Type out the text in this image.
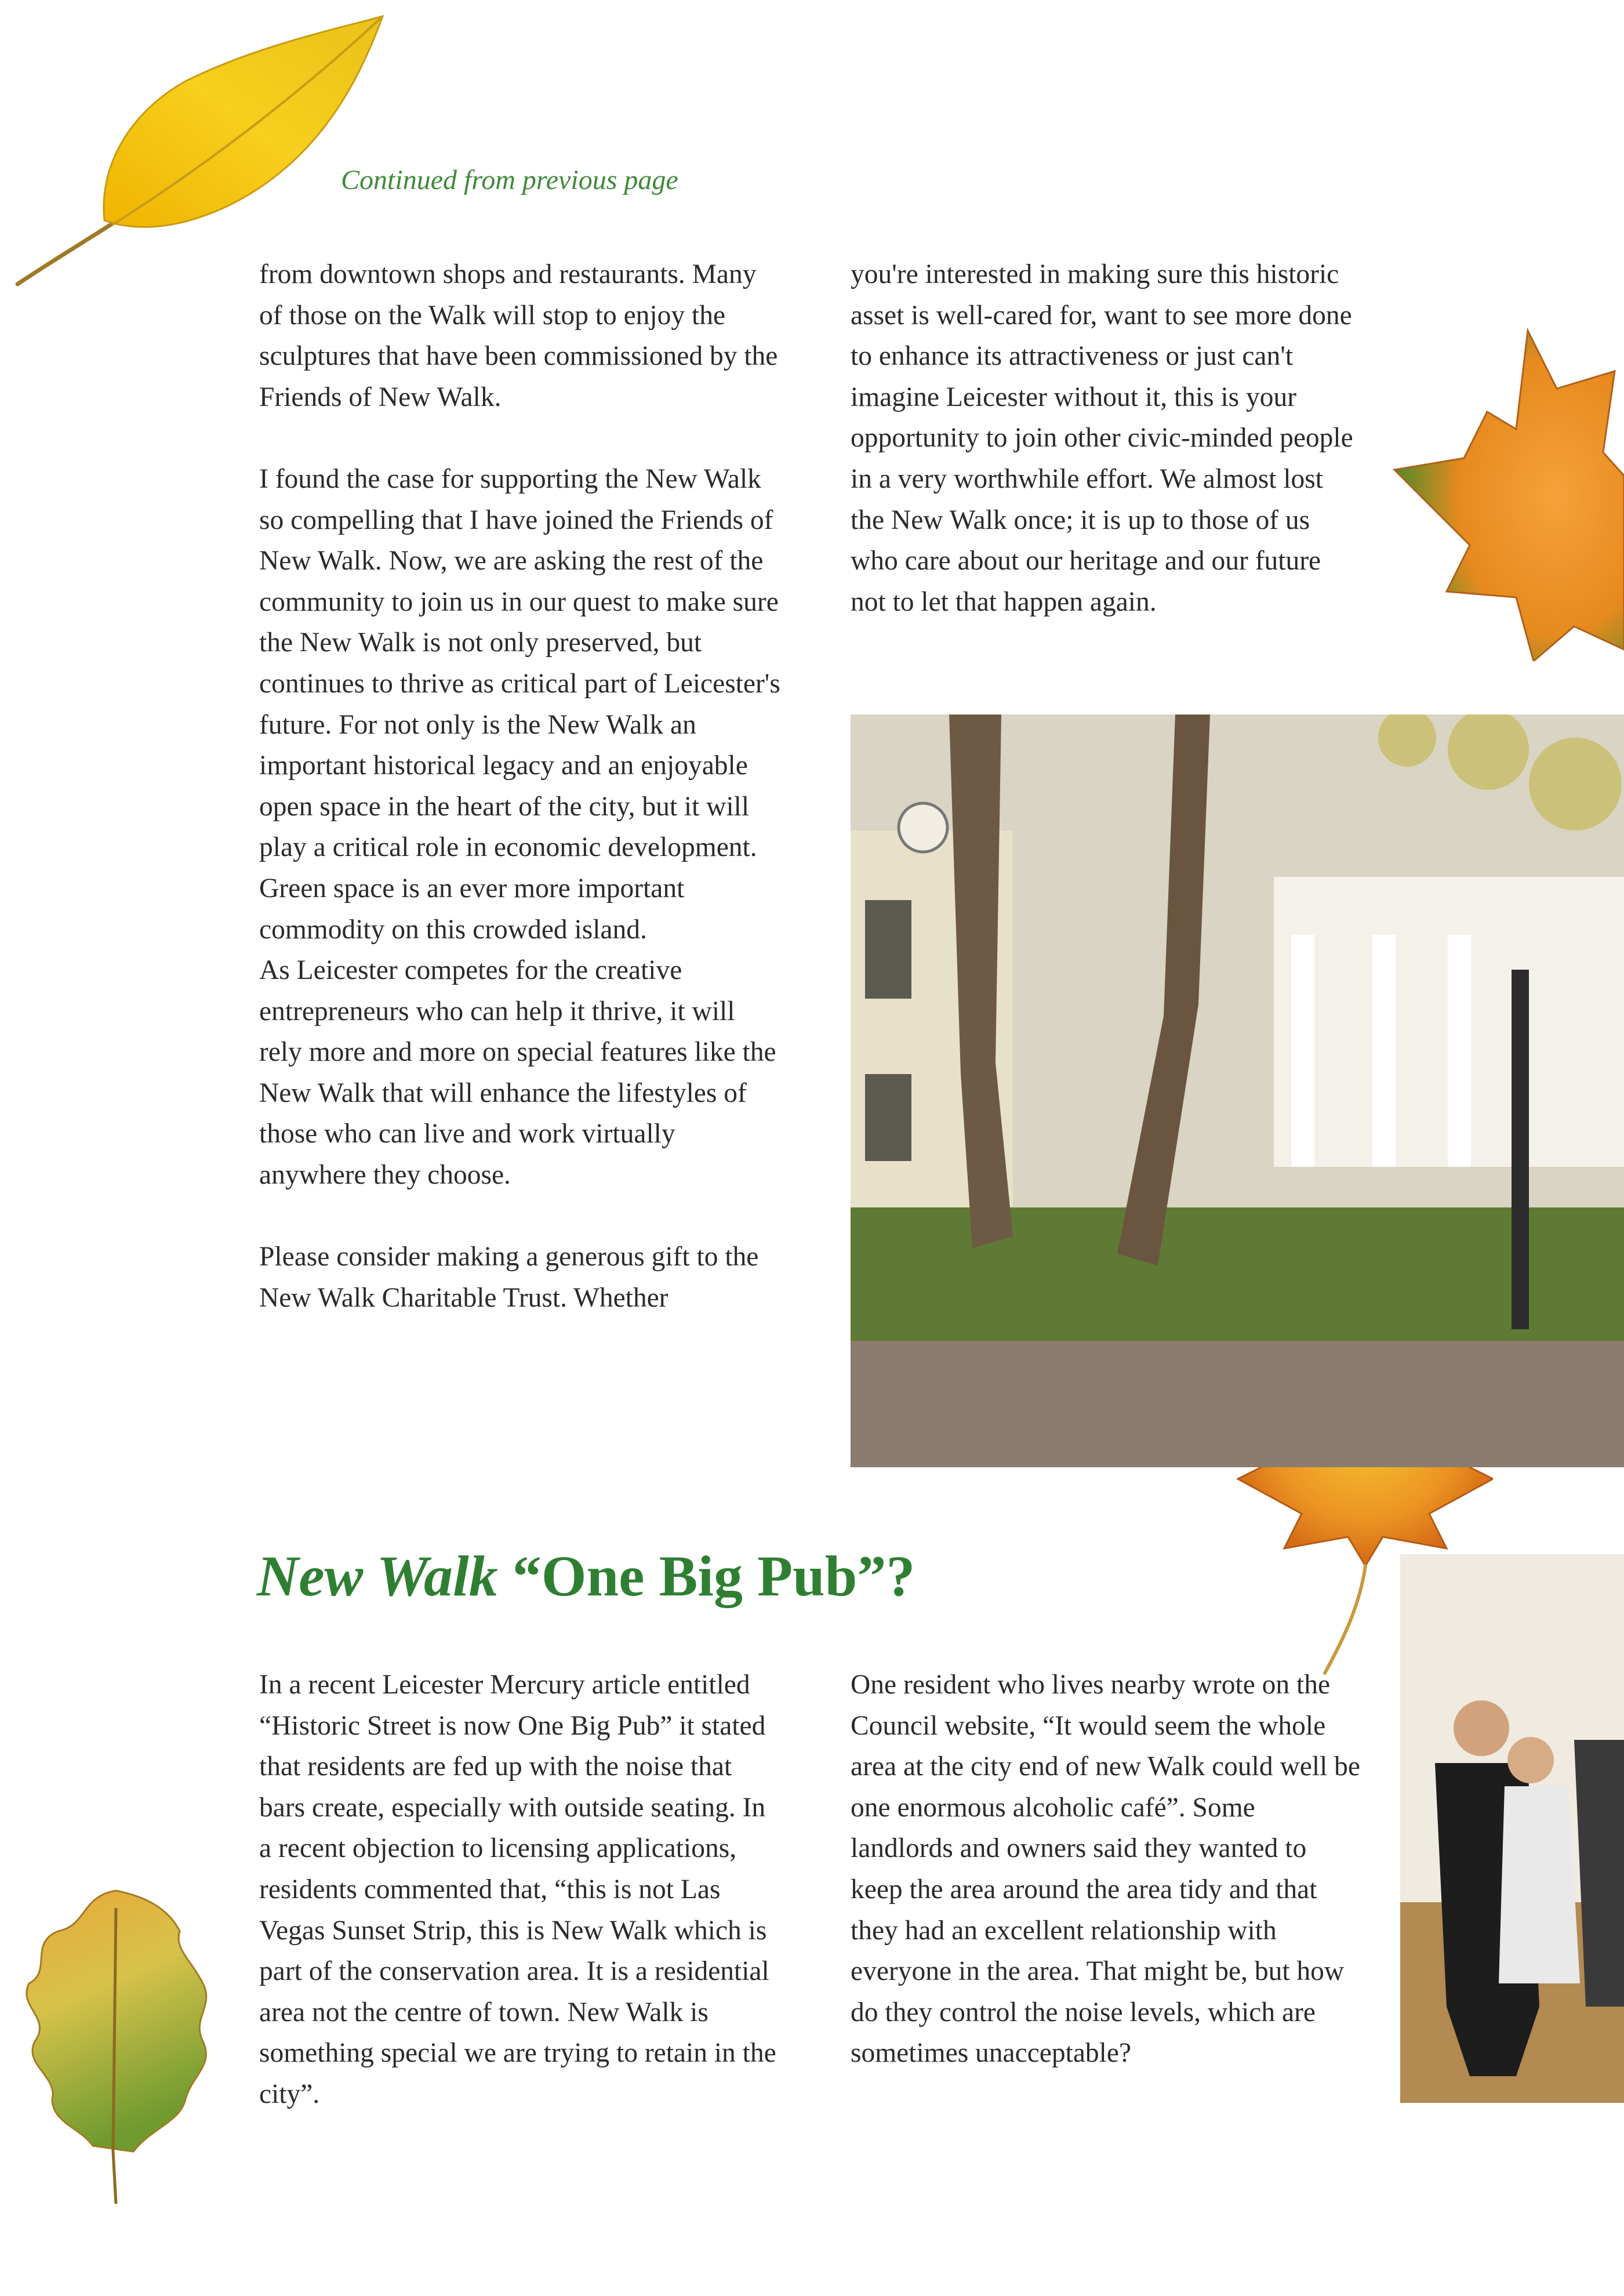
Continued from previous page

from downtown shops and restaurants. Many of those on the Walk will stop to enjoy the sculptures that have been commissioned by the Friends of New Walk.

I found the case for supporting the New Walk so compelling that I have joined the Friends of New Walk. Now, we are asking the rest of the community to join us in our quest to make sure the New Walk is not only preserved, but continues to thrive as critical part of Leicester's future. For not only is the New Walk an important historical legacy and an enjoyable open space in the heart of the city, but it will play a critical role in economic development. Green space is an ever more important commodity on this crowded island.

As Leicester competes for the creative entrepreneurs who can help it thrive, it will rely more and more on special features like the New Walk that will enhance the lifestyles of those who can live and work virtually anywhere they choose.

Please consider making a generous gift to the New Walk Charitable Trust. Whether

you're interested in making sure this historic asset is well-cared for, want to see more done to enhance its attractiveness or just can't imagine Leicester without it, this is your opportunity to join other civic-minded people in a very worthwhile effort. We almost lost the New Walk once; it is up to those of us who care about our heritage and our future not to let that happen again.

New Walk “One Big Pub”?

In a recent Leicester Mercury article entitled “Historic Street is now One Big Pub” it stated that residents are fed up with the noise that bars create, especially with outside seating. In a recent objection to licensing applications, residents commented that, “this is not Las Vegas Sunset Strip, this is New Walk which is part of the conservation area. It is a residential area not the centre of town. New Walk is something special we are trying to retain in the city”.

One resident who lives nearby wrote on the Council website, “It would seem the whole area at the city end of new Walk could well be one enormous alcoholic café”. Some landlords and owners said they wanted to keep the area around the area tidy and that they had an excellent relationship with everyone in the area. That might be, but how do they control the noise levels, which are sometimes unacceptable?
